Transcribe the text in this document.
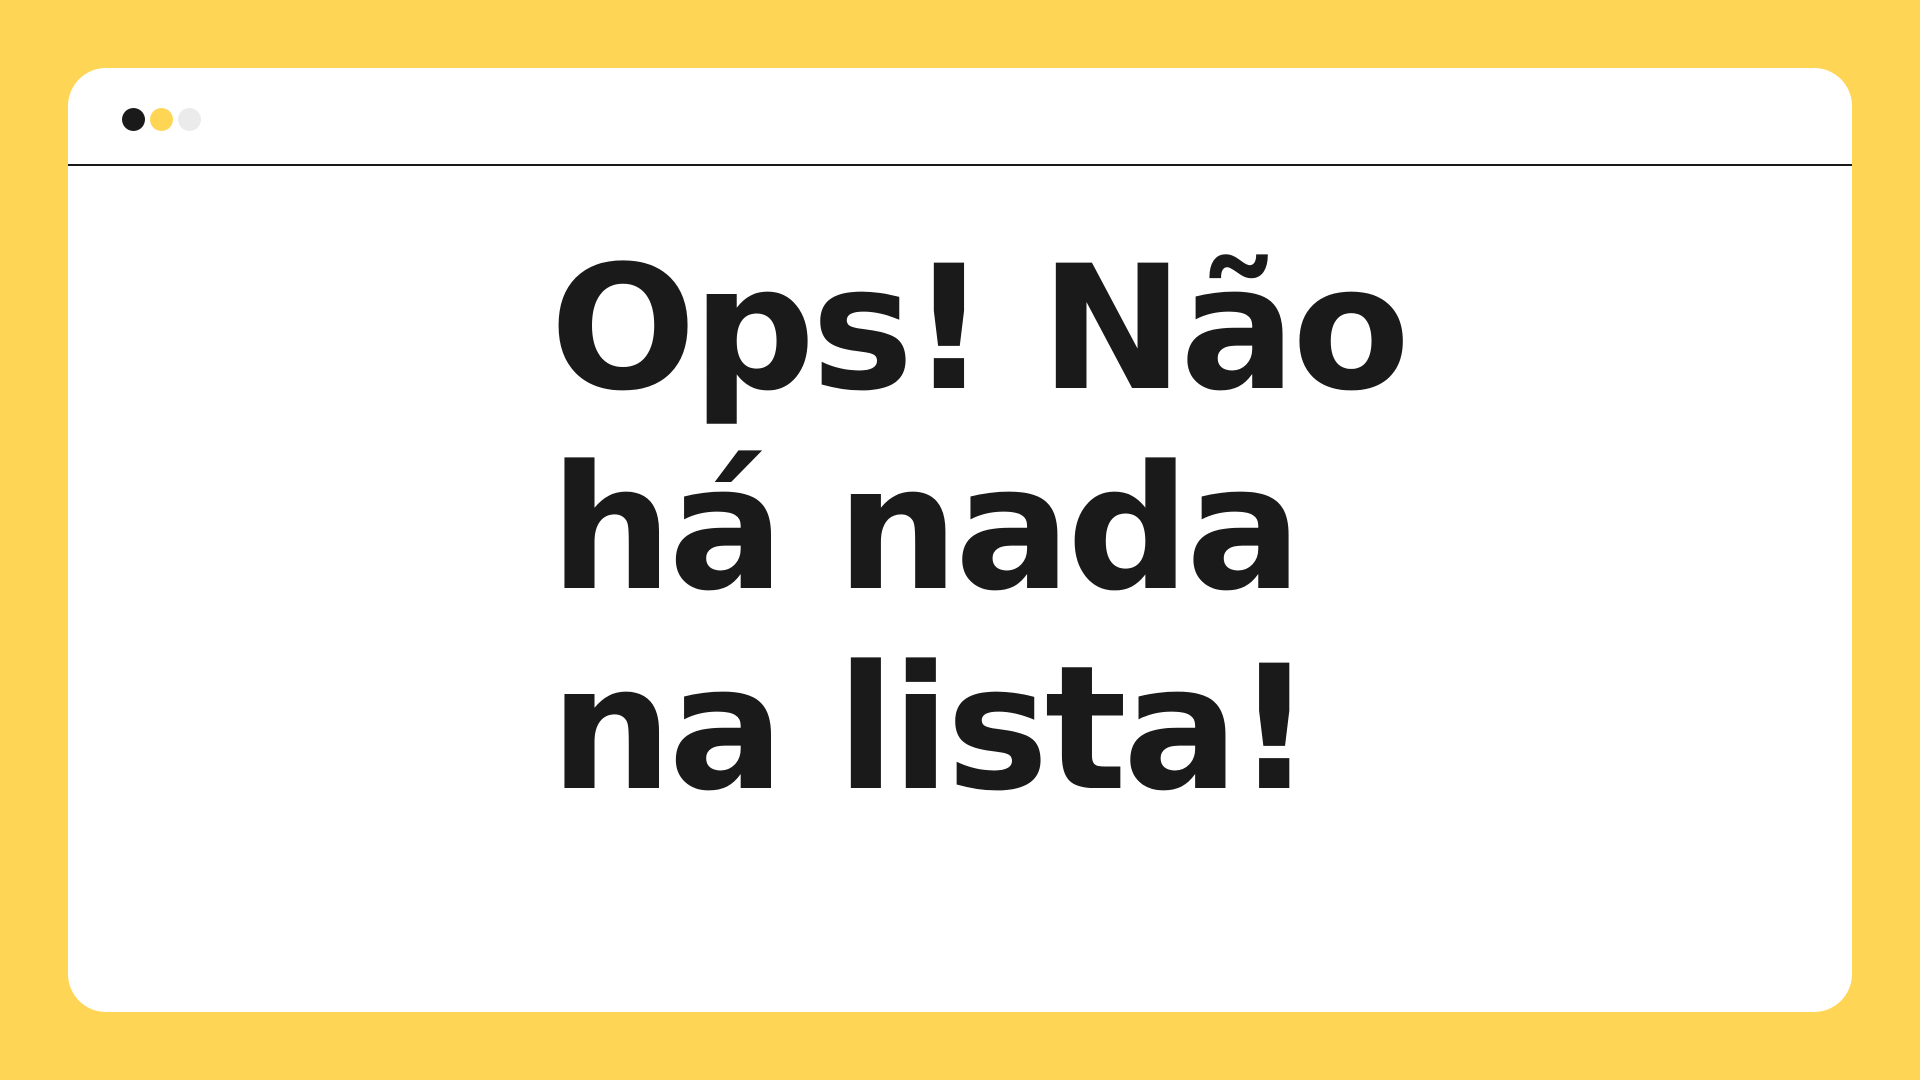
Ops! Não
há nada
na lista!
